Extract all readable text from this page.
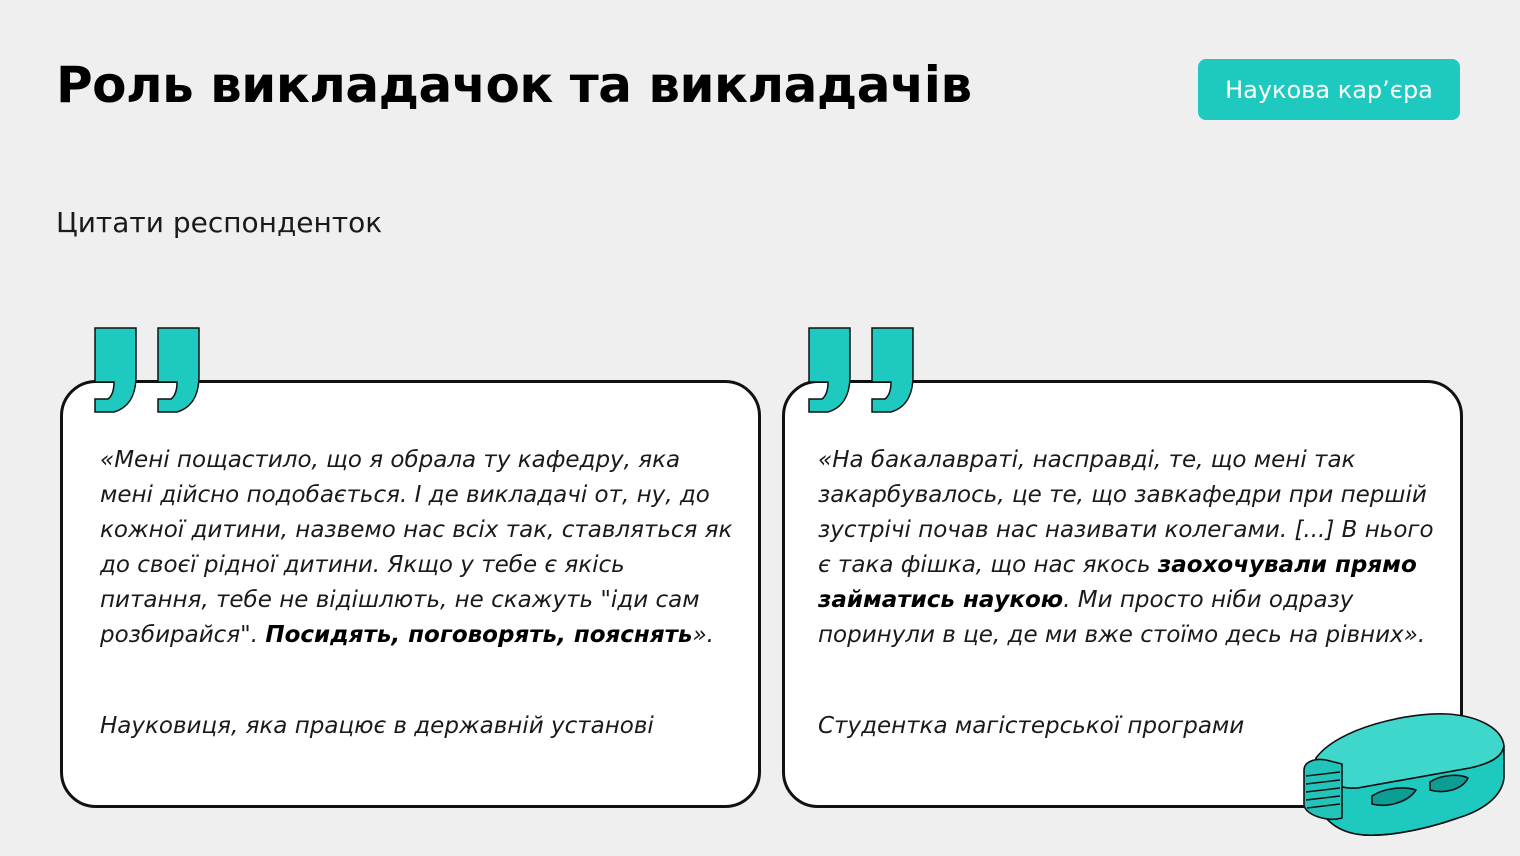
Роль викладачок та викладачів	Наукова кар’єра
Цитати респонденток

«Мені пощастило, що я обрала ту кафедру, яка мені дійсно подобається. І де викладачі от, ну, до кожної дитини, назвемо нас всіх так, ставляться як до своєї рідної дитини. Якщо у тебе є якісь питання, тебе не відішлють, не скажуть "іди сам розбирайся". Посидять, поговорять, пояснять».

Науковиця, яка працює в державній установі

«На бакалавраті, насправді, те, що мені так закарбувалось, це те, що завкафедри при першій зустрічі почав нас називати колегами. [...] В нього є така фішка, що нас якось заохочували прямо займатись наукою. Ми просто ніби одразу поринули в це, де ми вже стоїмо десь на рівних».

Студентка магістерської програми
